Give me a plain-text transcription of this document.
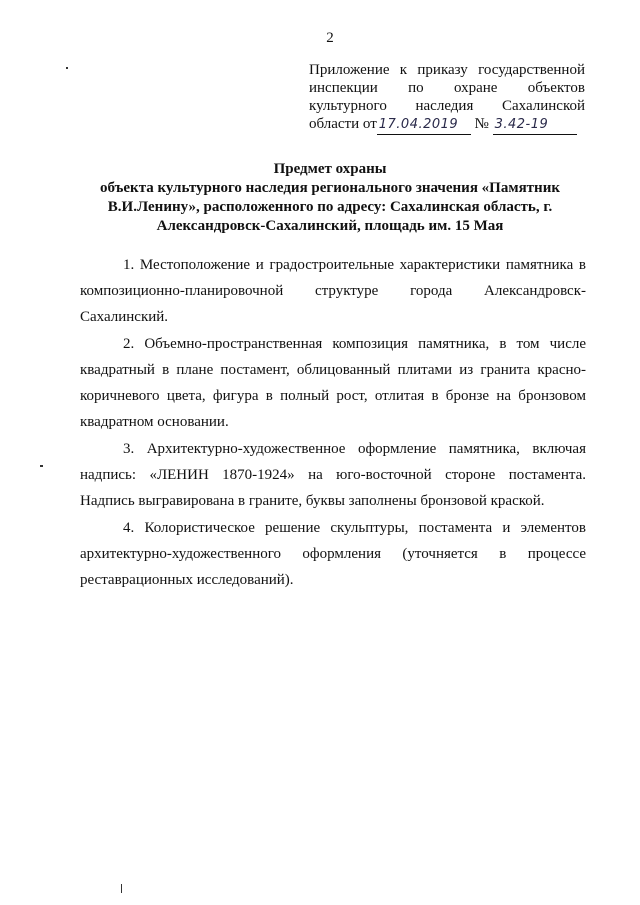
2
Приложение к приказу государственной
инспекции по охране объектов
культурного наследия Сахалинской
области от 17.04.2019 № 3.42-19
Предмет охраны
объекта культурного наследия регионального значения «Памятник
В.И.Ленину», расположенного по адресу: Сахалинская область, г.
Александровск-Сахалинский, площадь им. 15 Мая

1. Местоположение и градостроительные характеристики памятника в композиционно-планировочной структуре города Александровск-Сахалинский.

2. Объемно-пространственная композиция памятника, в том числе квадратный в плане постамент, облицованный плитами из гранита красно-коричневого цвета, фигура в полный рост, отлитая в бронзе на бронзовом квадратном основании.

3. Архитектурно-художественное оформление памятника, включая надпись: «ЛЕНИН 1870-1924» на юго-восточной стороне постамента. Надпись выгравирована в граните, буквы заполнены бронзовой краской.

4. Колористическое решение скульптуры, постамента и элементов архитектурно-художественного оформления (уточняется в процессе реставрационных исследований).
